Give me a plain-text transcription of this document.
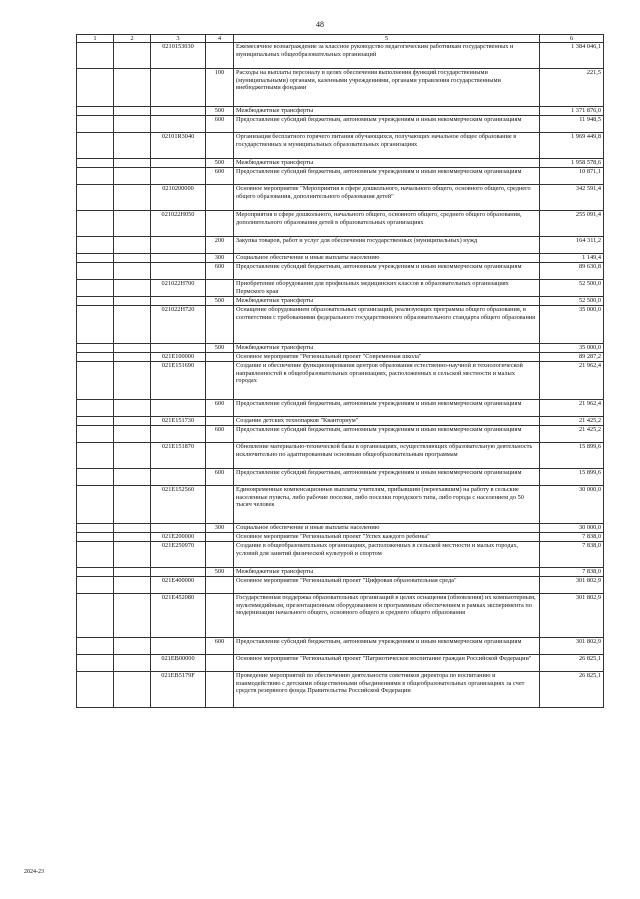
48
1	2	3	4	5	6
		0210153030		Ежемесячное вознаграждение за классное руководство педагогическим работникам государственных и муниципальных общеобразовательных организаций	1 384 046,1
			100	Расходы на выплаты персоналу в целях обеспечения выполнения функций государственными (муниципальными) органами, казенными учреждениями, органами управления государственными внебюджетными фондами	221,5
			500	Межбюджетные трансферты	1 371 876,0
			600	Предоставление субсидий бюджетным, автономным учреждениям и иным некоммерческим организациям	11 948,5
		02101R3040		Организация бесплатного горячего питания обучающихся, получающих начальное общее образование в государственных и муниципальных образовательных организациях	1 969 449,8
			500	Межбюджетные трансферты	1 958 578,6
			600	Предоставление субсидий бюджетным, автономным учреждениям и иным некоммерческим организациям	10 871,1
		0210200000		Основное мероприятие "Мероприятия в сфере дошкольного, начального общего, основного общего, среднего общего образования, дополнительного образования детей"	342 591,4
		021022Н050		Мероприятия в сфере дошкольного, начального общего, основного общего, среднего общего образования, дополнительного образования детей в образовательных организациях	255 091,4
			200	Закупка товаров, работ и услуг для обеспечения государственных (муниципальных) нужд	164 311,2
			300	Социальное обеспечение и иные выплаты населению	1 149,4
			600	Предоставление субсидий бюджетным, автономным учреждениям и иным некоммерческим организациям	89 630,8
		021022Н700		Приобретение оборудования для профильных медицинских классов в образовательных организациях Пермского края	52 500,0
			500	Межбюджетные трансферты	52 500,0
		021022Н720		Оснащение оборудованием образовательных организаций, реализующих программы общего образования, в соответствии с требованиями федерального государственного образовательного стандарта общего образования	35 000,0
			500	Межбюджетные трансферты	35 000,0
		021Е100000		Основное мероприятие "Региональный проект "Современная школа"	89 287,2
		021Е151690		Создание и обеспечение функционирования центров образования естественно-научной и технологической направленностей в общеобразовательных организациях, расположенных в сельской местности и малых городах	21 962,4
			600	Предоставление субсидий бюджетным, автономным учреждениям и иным некоммерческим организациям	21 962,4
		021Е151730		Создание детских технопарков "Кванториум"	21 425,2
			600	Предоставление субсидий бюджетным, автономным учреждениям и иным некоммерческим организациям	21 425,2
		021Е151870		Обновление материально-технической базы в организациях, осуществляющих образовательную деятельность исключительно по адаптированным основным общеобразовательным программам	15 899,6
			600	Предоставление субсидий бюджетным, автономным учреждениям и иным некоммерческим организациям	15 899,6
		021Е152560		Единовременные компенсационные выплаты учителям, прибывшим (переехавшим) на работу в сельские населенные пункты, либо рабочие поселки, либо поселки городского типа, либо города с населением до 50 тысяч человек	30 000,0
			300	Социальное обеспечение и иные выплаты населению	30 000,0
		021Е200000		Основное мероприятие "Региональный проект "Успех каждого ребенка"	7 838,0
		021Е250970		Создание в общеобразовательных организациях, расположенных в сельской местности и малых городах, условий для занятий физической культурой и спортом	7 838,0
			500	Межбюджетные трансферты	7 838,0
		021Е400000		Основное мероприятие "Региональный проект "Цифровая образовательная среда"	301 802,9
		021Е452080		Государственная поддержка образовательных организаций в целях оснащения (обновления) их компьютерным, мультимедийным, презентационным оборудованием и программным обеспечением в рамках эксперимента по модернизации начального общего, основного общего и среднего общего образования	301 802,9
			600	Предоставление субсидий бюджетным, автономным учреждениям и иным некоммерческим организациям	301 802,9
		021ЕВ00000		Основное мероприятие "Региональный проект "Патриотическое воспитание граждан Российской Федерации"	26 825,1
		021ЕВ5179F		Проведение мероприятий по обеспечению деятельности советников директора по воспитанию и взаимодействию с детскими общественными объединениями в общеобразовательных организациях за счет средств резервного фонда Правительства Российской Федерации	26 825,1
2024-23
